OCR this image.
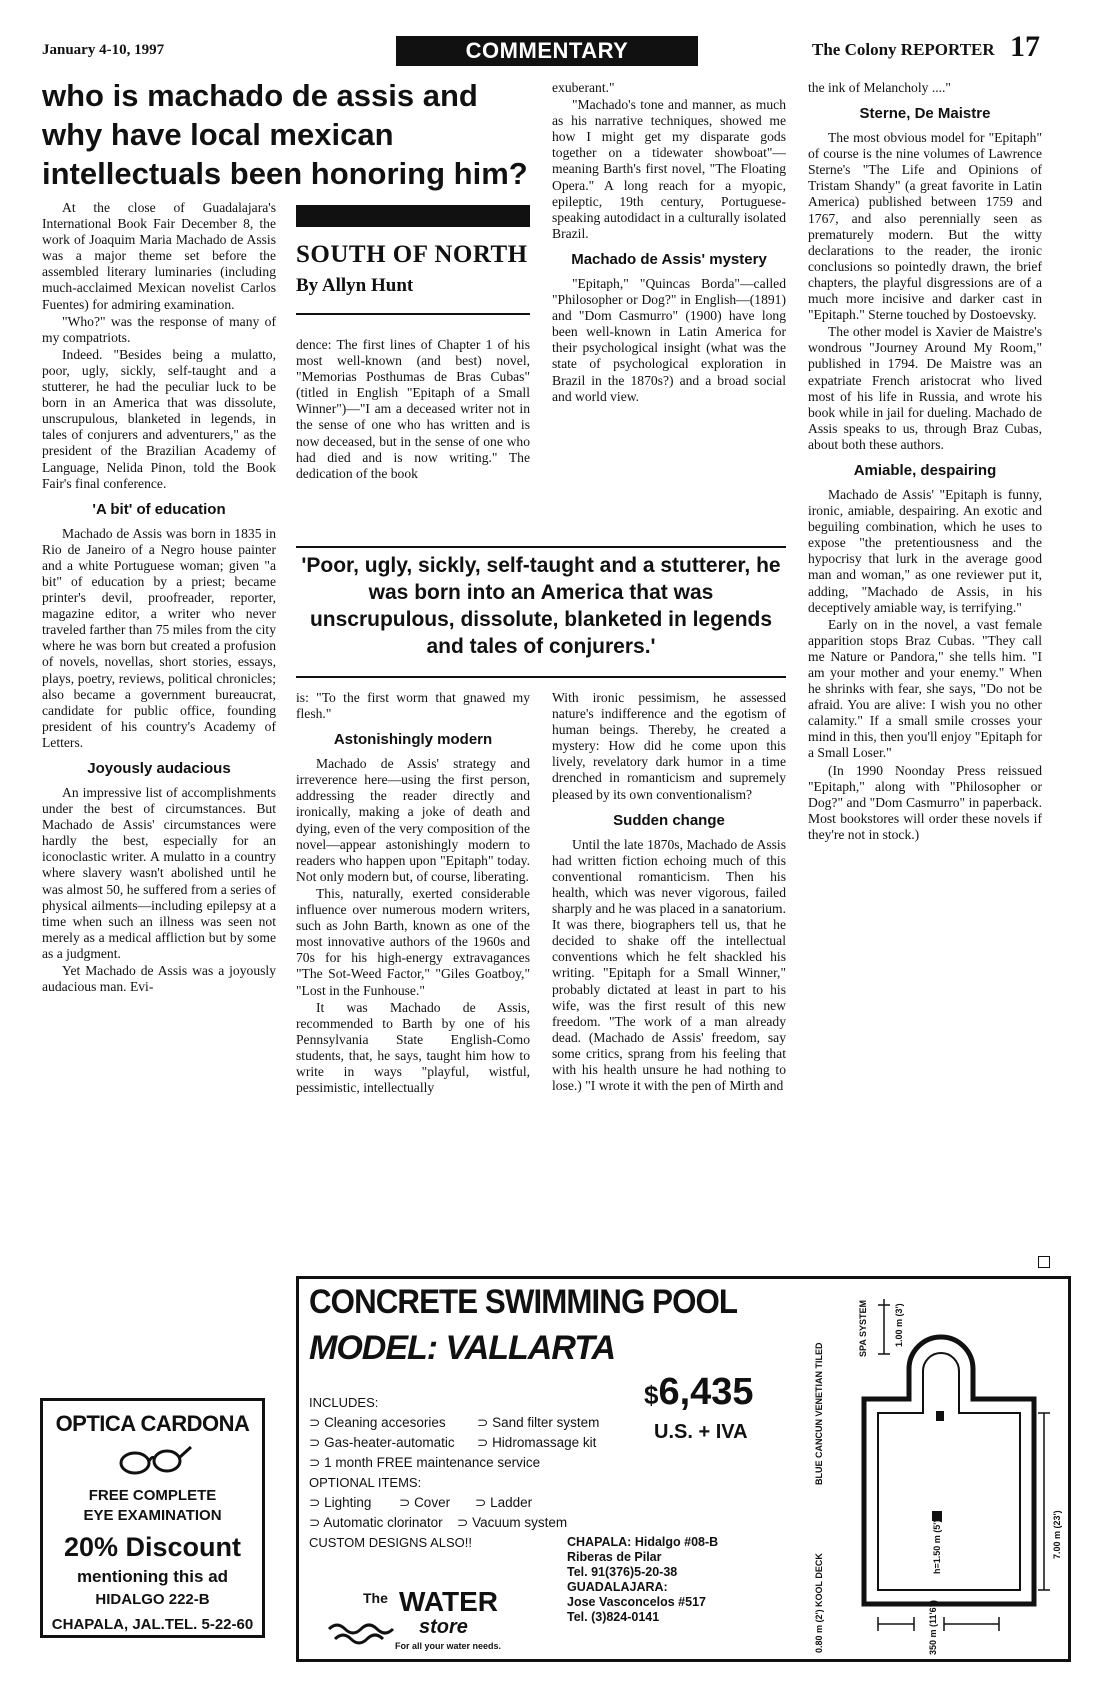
January 4-10, 1997	COMMENTARY	The Colony REPORTER 17
who is machado de assis and why have local mexican intellectuals been honoring him?

At the close of Guadalajara's International Book Fair December 8, the work of Joaquim Maria Machado de Assis was a major theme set before the assembled literary luminaries (including much-acclaimed Mexican novelist Carlos Fuentes) for admiring examination.

"Who?" was the response of many of my compatriots.

Indeed. "Besides being a mulatto, poor, ugly, sickly, self-taught and a stutterer, he had the peculiar luck to be born in an America that was dissolute, unscrupulous, blanketed in legends, in tales of conjurers and adventurers," as the president of the Brazilian Academy of Language, Nelida Pinon, told the Book Fair's final conference.

'A bit' of education

Machado de Assis was born in 1835 in Rio de Janeiro of a Negro house painter and a white Portuguese woman; given "a bit" of education by a priest; became printer's devil, proofreader, reporter, magazine editor, a writer who never traveled farther than 75 miles from the city where he was born but created a profusion of novels, novellas, short stories, essays, plays, poetry, reviews, political chronicles; also became a government bureaucrat, candidate for public office, founding president of his country's Academy of Letters.

Joyously audacious

An impressive list of accomplishments under the best of circumstances. But Machado de Assis' circumstances were hardly the best, especially for an iconoclastic writer. A mulatto in a country where slavery wasn't abolished until he was almost 50, he suffered from a series of physical ailments—including epilepsy at a time when such an illness was seen not merely as a medical affliction but by some as a judgment.

Yet Machado de Assis was a joyously audacious man. Evi-

SOUTH OF NORTH
By Allyn Hunt

dence: The first lines of Chapter 1 of his most well-known (and best) novel, "Memorias Posthumas de Bras Cubas" (titled in English "Epitaph of a Small Winner")—"I am a deceased writer not in the sense of one who has written and is now deceased, but in the sense of one who had died and is now writing." The dedication of the book

exuberant."

"Machado's tone and manner, as much as his narrative techniques, showed me how I might get my disparate gods together on a tidewater showboat"—meaning Barth's first novel, "The Floating Opera." A long reach for a myopic, epileptic, 19th century, Portuguese-speaking autodidact in a culturally isolated Brazil.

Machado de Assis' mystery

"Epitaph," "Quincas Borda"—called "Philosopher or Dog?" in English—(1891) and "Dom Casmurro" (1900) have long been well-known in Latin America for their psychological insight (what was the state of psychological exploration in Brazil in the 1870s?) and a broad social and world view.

'Poor, ugly, sickly, self-taught and a stutterer, he was born into an America that was unscrupulous, dissolute, blanketed in legends and tales of conjurers.'

is: "To the first worm that gnawed my flesh."

Astonishingly modern

Machado de Assis' strategy and irreverence here—using the first person, addressing the reader directly and ironically, making a joke of death and dying, even of the very composition of the novel—appear astonishingly modern to readers who happen upon "Epitaph" today. Not only modern but, of course, liberating.

This, naturally, exerted considerable influence over numerous modern writers, such as John Barth, known as one of the most innovative authors of the 1960s and 70s for his high-energy extravagances "The Sot-Weed Factor," "Giles Goatboy," "Lost in the Funhouse."

It was Machado de Assis, recommended to Barth by one of his Pennsylvania State English-Como students, that, he says, taught him how to write in ways "playful, wistful, pessimistic, intellectually

With ironic pessimism, he assessed nature's indifference and the egotism of human beings. Thereby, he created a mystery: How did he come upon this lively, revelatory dark humor in a time drenched in romanticism and supremely pleased by its own conventionalism?

Sudden change

Until the late 1870s, Machado de Assis had written fiction echoing much of this conventional romanticism. Then his health, which was never vigorous, failed sharply and he was placed in a sanatorium. It was there, biographers tell us, that he decided to shake off the intellectual conventions which he felt shackled his writing. "Epitaph for a Small Winner," probably dictated at least in part to his wife, was the first result of this new freedom. "The work of a man already dead. (Machado de Assis' freedom, say some critics, sprang from his feeling that with his health unsure he had nothing to lose.) "I wrote it with the pen of Mirth and

the ink of Melancholy ...."

Sterne, De Maistre

The most obvious model for "Epitaph" of course is the nine volumes of Lawrence Sterne's "The Life and Opinions of Tristam Shandy" (a great favorite in Latin America) published between 1759 and 1767, and also perennially seen as prematurely modern. But the witty declarations to the reader, the ironic conclusions so pointedly drawn, the brief chapters, the playful disgressions are of a much more incisive and darker cast in "Epitaph." Sterne touched by Dostoevsky.

The other model is Xavier de Maistre's wondrous "Journey Around My Room," published in 1794. De Maistre was an expatriate French aristocrat who lived most of his life in Russia, and wrote his book while in jail for dueling. Machado de Assis speaks to us, through Braz Cubas, about both these authors.

Amiable, despairing

Machado de Assis' "Epitaph is funny, ironic, amiable, despairing. An exotic and beguiling combination, which he uses to expose "the pretentiousness and the hypocrisy that lurk in the average good man and woman," as one reviewer put it, adding, "Machado de Assis, in his deceptively amiable way, is terrifying."

Early on in the novel, a vast female apparition stops Braz Cubas. "They call me Nature or Pandora," she tells him. "I am your mother and your enemy." When he shrinks with fear, she says, "Do not be afraid. You are alive: I wish you no other calamity." If a small smile crosses your mind in this, then you'll enjoy "Epitaph for a Small Loser."

(In 1990 Noonday Press reissued "Epitaph," along with "Philosopher or Dog?" and "Dom Casmurro" in paperback. Most bookstores will order these novels if they're not in stock.)

OPTICA CARDONA
FREE COMPLETE
EYE EXAMINATION
20% Discount
mentioning this ad
HIDALGO 222-B
CHAPALA, JAL.TEL. 5-22-60
CONCRETE SWIMMING POOL
MODEL: VALLARTA
$6,435
U.S. + IVA
INCLUDES:
⊃ Cleaning accesories ⊃ Sand filter system
⊃ Gas-heater-automatic ⊃ Hidromassage kit
⊃ 1 month FREE maintenance service
OPTIONAL ITEMS:
⊃ Lighting ⊃ Cover ⊃ Ladder
⊃ Automatic clorinator ⊃ Vacuum system
CUSTOM DESIGNS ALSO!!	CHAPALA: Hidalgo #08-B
Riberas de Pilar
Tel. 91(376)5-20-38
GUADALAJARA:
Jose Vasconcelos #517
Tel. (3)824-0141
The WATER
store
For all your water needs.
SPA SYSTEM	1.00 m (3')
BLUE CANCUN VENETIAN TILED
KOOL DECK
h=1.50 m (5')	7.00 m (23')
0.80 m (2')	350 m (11'6")
